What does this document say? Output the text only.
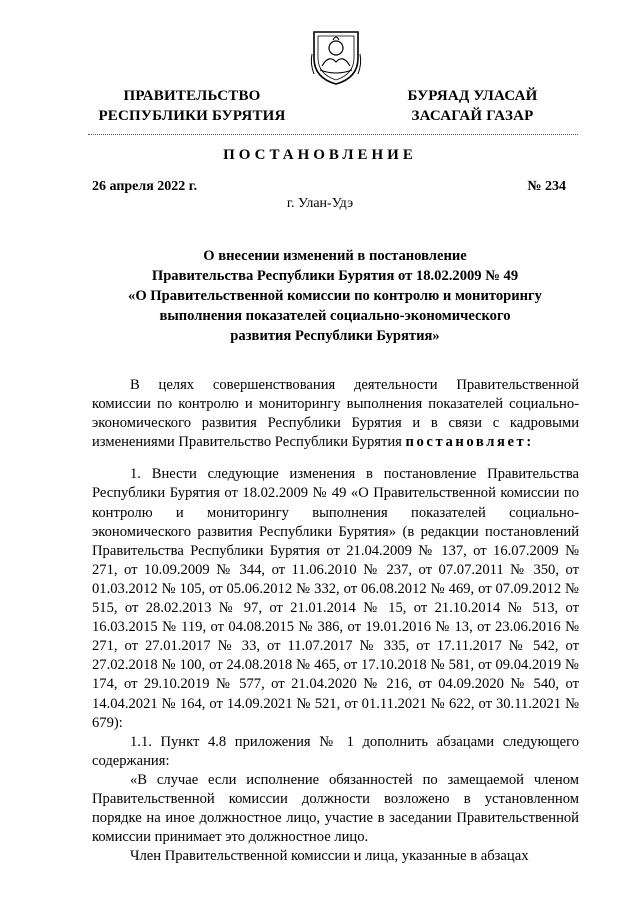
ПРАВИТЕЛЬСТВО
РЕСПУБЛИКИ БУРЯТИЯ
БУРЯАД УЛАСАЙ
ЗАСАГАЙ ГАЗАР
ПОСТАНОВЛЕНИЕ
26 апреля 2022 г.	№ 234
г. Улан-Удэ
О внесении изменений в постановление
Правительства Республики Бурятия от 18.02.2009 № 49
«О Правительственной комиссии по контролю и мониторингу
выполнения показателей социально-экономического
развития Республики Бурятия»

В целях совершенствования деятельности Правительственной комиссии по контролю и мониторингу выполнения показателей социально-экономического развития Республики Бурятия и в связи с кадровыми изменениями Правительство Республики Бурятия постановляет:

1. Внести следующие изменения в постановление Правительства Республики Бурятия от 18.02.2009 № 49 «О Правительственной комиссии по контролю и мониторингу выполнения показателей социально-экономического развития Республики Бурятия» (в редакции постановлений Правительства Республики Бурятия от 21.04.2009 № 137, от 16.07.2009 № 271, от 10.09.2009 № 344, от 11.06.2010 № 237, от 07.07.2011 № 350, от 01.03.2012 № 105, от 05.06.2012 № 332, от 06.08.2012 № 469, от 07.09.2012 № 515, от 28.02.2013 № 97, от 21.01.2014 № 15, от 21.10.2014 № 513, от 16.03.2015 № 119, от 04.08.2015 № 386, от 19.01.2016 № 13, от 23.06.2016 № 271, от 27.01.2017 № 33, от 11.07.2017 № 335, от 17.11.2017 № 542, от 27.02.2018 № 100, от 24.08.2018 № 465, от 17.10.2018 № 581, от 09.04.2019 № 174, от 29.10.2019 № 577, от 21.04.2020 № 216, от 04.09.2020 № 540, от 14.04.2021 № 164, от 14.09.2021 № 521, от 01.11.2021 № 622, от 30.11.2021 № 679):

1.1. Пункт 4.8 приложения № 1 дополнить абзацами следующего содержания:

«В случае если исполнение обязанностей по замещаемой членом Правительственной комиссии должности возложено в установленном порядке на иное должностное лицо, участие в заседании Правительственной комиссии принимает это должностное лицо.

Член Правительственной комиссии и лица, указанные в абзацах
